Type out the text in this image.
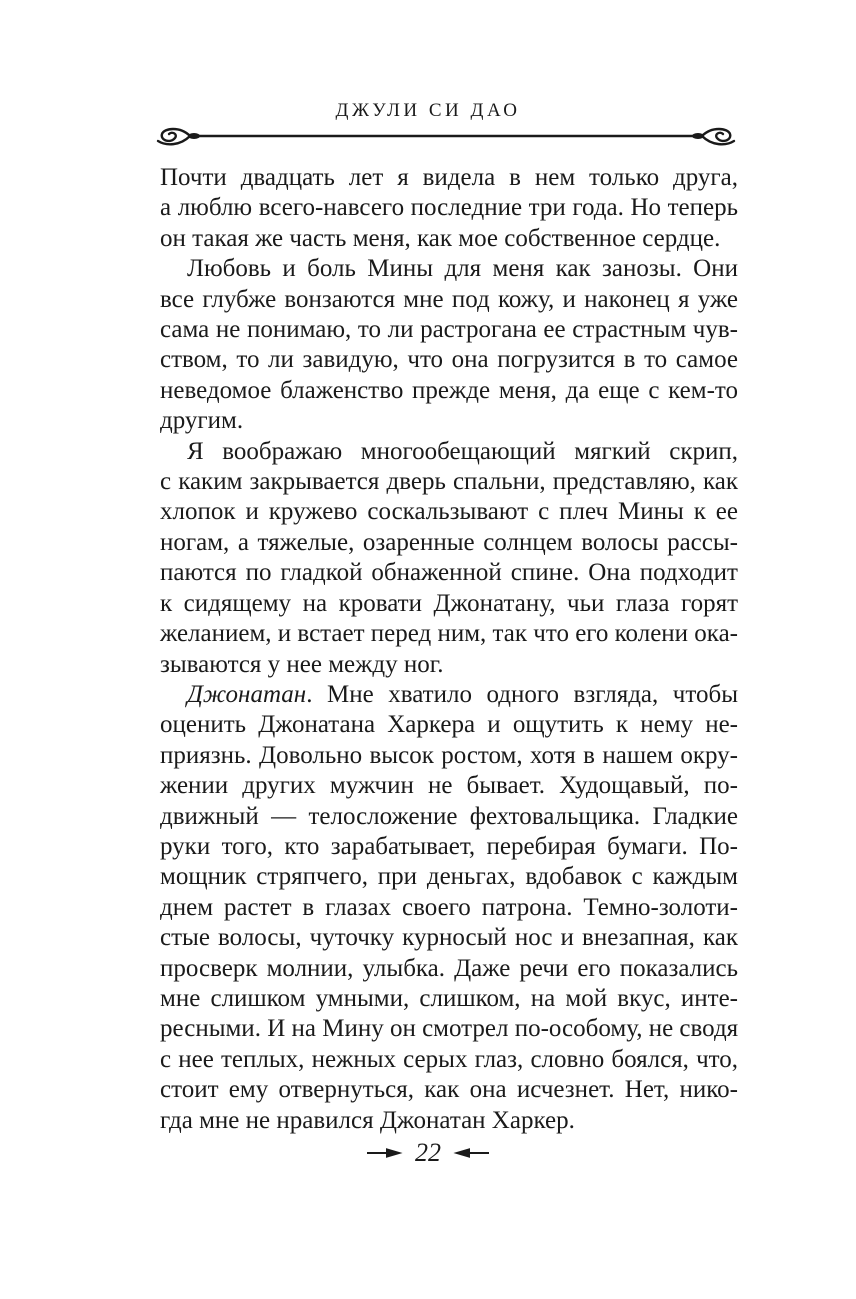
ДЖУЛИ СИ ДАО
Почти двадцать лет я видела в нем только друга,
а люблю всего-навсего последние три года. Но теперь
он такая же часть меня, как мое собственное сердце.
Любовь и боль Мины для меня как занозы. Они
все глубже вонзаются мне под кожу, и наконец я уже
сама не понимаю, то ли растрогана ее страстным чув-
ством, то ли завидую, что она погрузится в то самое
неведомое блаженство прежде меня, да еще с кем-то
другим.
Я воображаю многообещающий мягкий скрип,
с каким закрывается дверь спальни, представляю, как
хлопок и кружево соскальзывают с плеч Мины к ее
ногам, а тяжелые, озаренные солнцем волосы рассы-
паются по гладкой обнаженной спине. Она подходит
к сидящему на кровати Джонатану, чьи глаза горят
желанием, и встает перед ним, так что его колени ока-
зываются у нее между ног.
Джонатан. Мне хватило одного взгляда, чтобы
оценить Джонатана Харкера и ощутить к нему не-
приязнь. Довольно высок ростом, хотя в нашем окру-
жении других мужчин не бывает. Худощавый, по-
движный — телосложение фехтовальщика. Гладкие
руки того, кто зарабатывает, перебирая бумаги. По-
мощник стряпчего, при деньгах, вдобавок с каждым
днем растет в глазах своего патрона. Темно-золоти-
стые волосы, чуточку курносый нос и внезапная, как
просверк молнии, улыбка. Даже речи его показались
мне слишком умными, слишком, на мой вкус, инте-
ресными. И на Мину он смотрел по-особому, не сводя
с нее теплых, нежных серых глаз, словно боялся, что,
стоит ему отвернуться, как она исчезнет. Нет, нико-
гда мне не нравился Джонатан Харкер.
22
